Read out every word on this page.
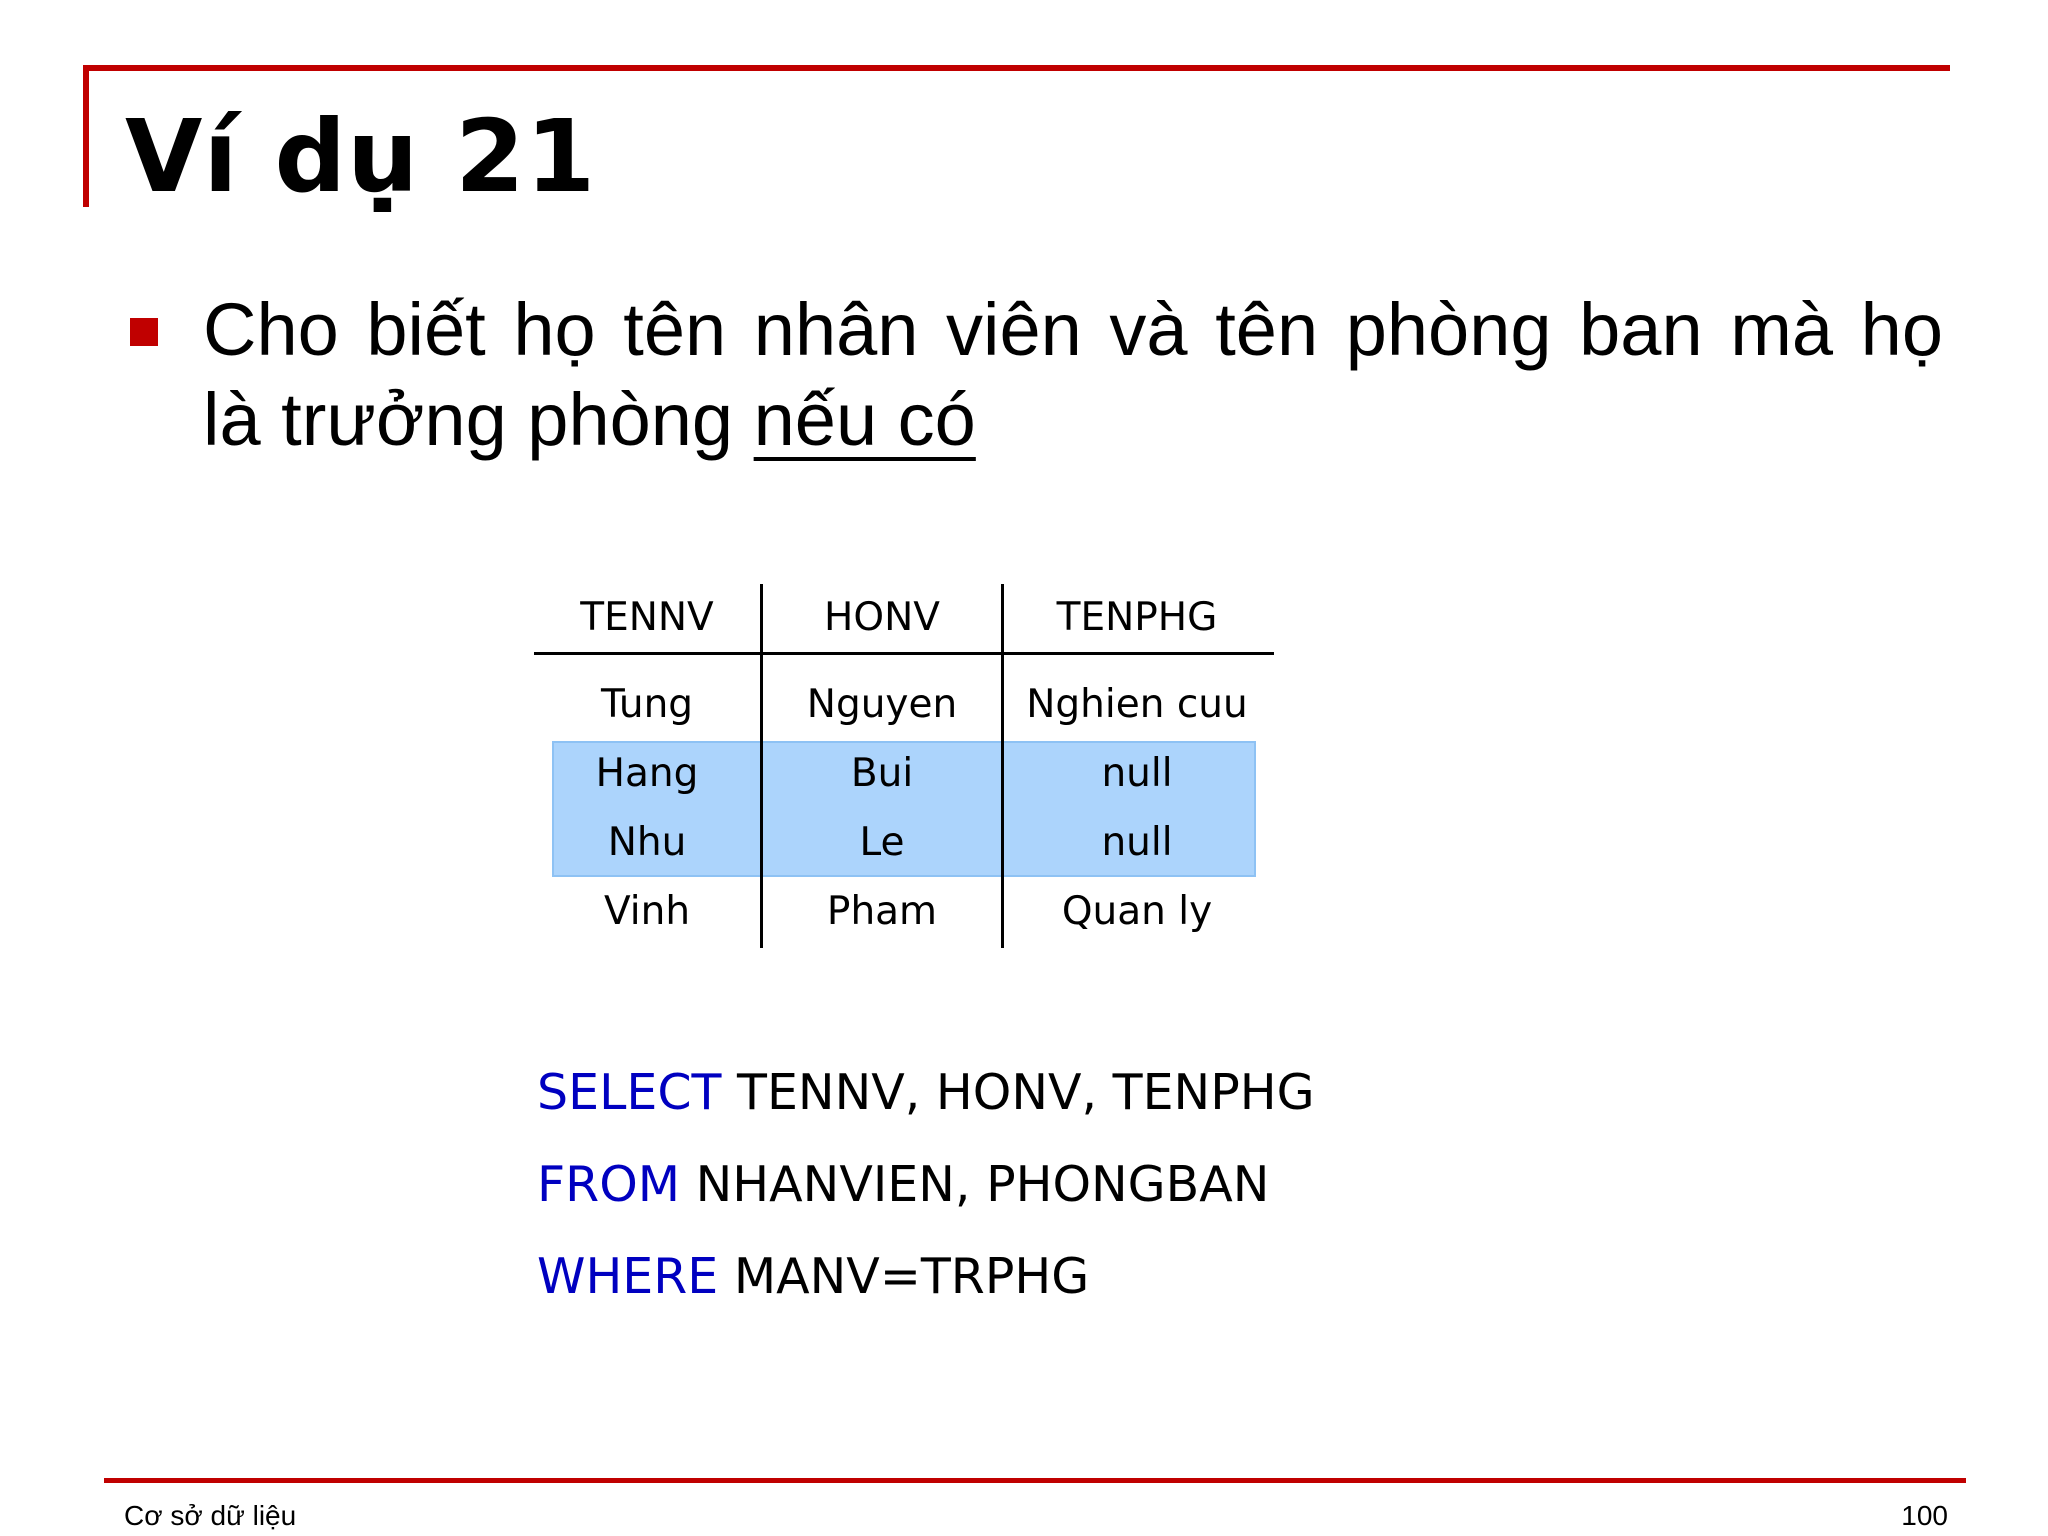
Ví dụ 21

Cho biết họ tên nhân viên và tên phòng ban mà họ là trưởng phòng nếu có

TENNV	HONV	TENPHG
Tung	Nguyen	Nghien cuu
Hang	Bui	null
Nhu	Le	null
Vinh	Pham	Quan ly
SELECT TENNV, HONV, TENPHG
FROM NHANVIEN, PHONGBAN
WHERE MANV=TRPHG
Cơ sở dữ liệu	100
